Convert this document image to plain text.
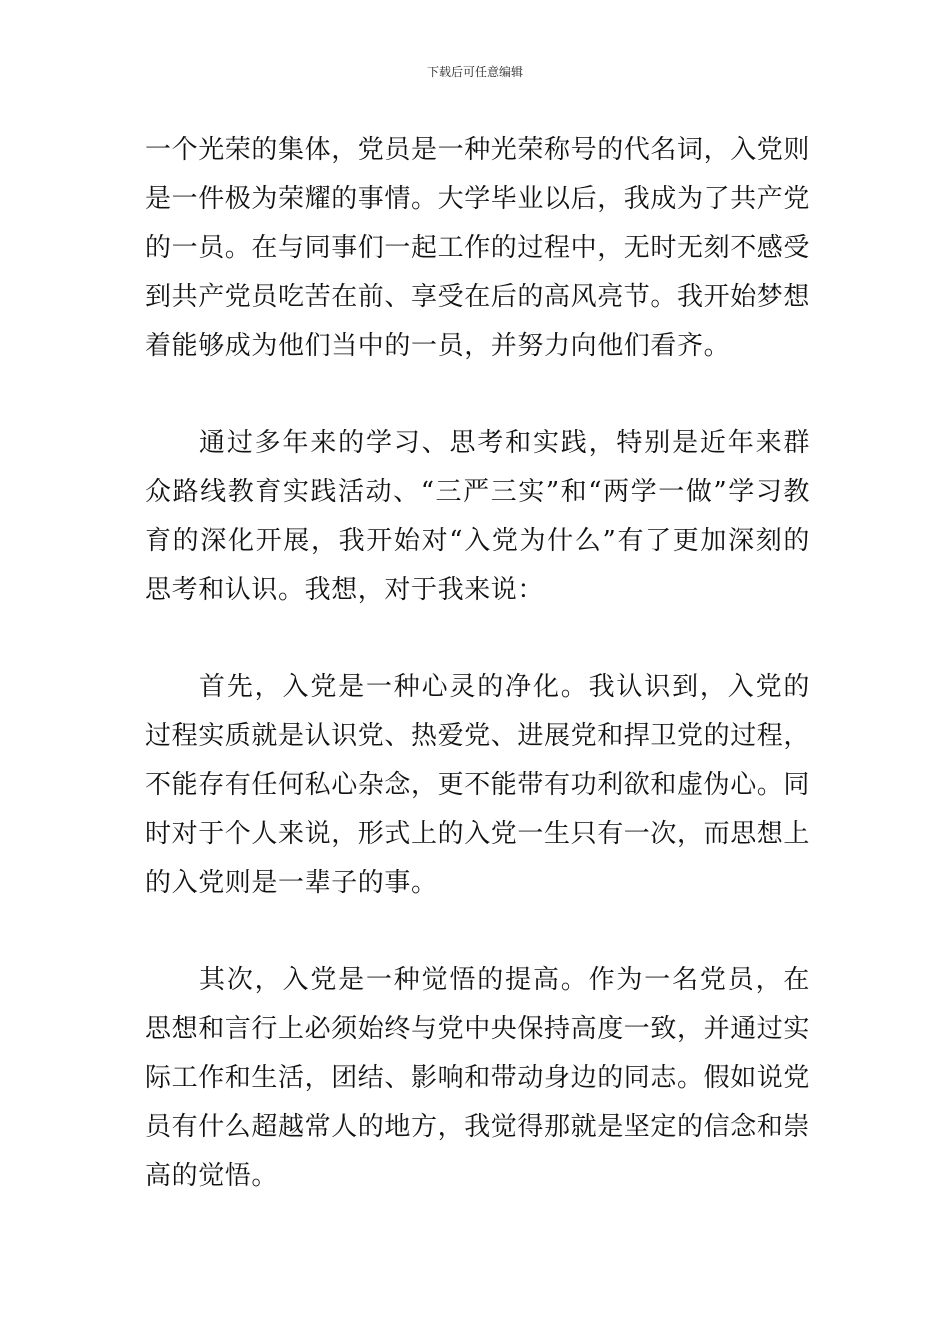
下载后可任意编辑

一个光荣的集体，党员是一种光荣称号的代名词，入党则是一件极为荣耀的事情。大学毕业以后，我成为了共产党的一员。在与同事们一起工作的过程中，无时无刻不感受到共产党员吃苦在前、享受在后的高风亮节。我开始梦想着能够成为他们当中的一员，并努力向他们看齐。

通过多年来的学习、思考和实践，特别是近年来群众路线教育实践活动、“三严三实”和“两学一做”学习教育的深化开展，我开始对“入党为什么”有了更加深刻的思考和认识。我想，对于我来说：

首先，入党是一种心灵的净化。我认识到，入党的过程实质就是认识党、热爱党、进展党和捍卫党的过程，不能存有任何私心杂念，更不能带有功利欲和虚伪心。同时对于个人来说，形式上的入党一生只有一次，而思想上的入党则是一辈子的事。

其次，入党是一种觉悟的提高。作为一名党员，在思想和言行上必须始终与党中央保持高度一致，并通过实际工作和生活，团结、影响和带动身边的同志。假如说党员有什么超越常人的地方，我觉得那就是坚定的信念和崇高的觉悟。
